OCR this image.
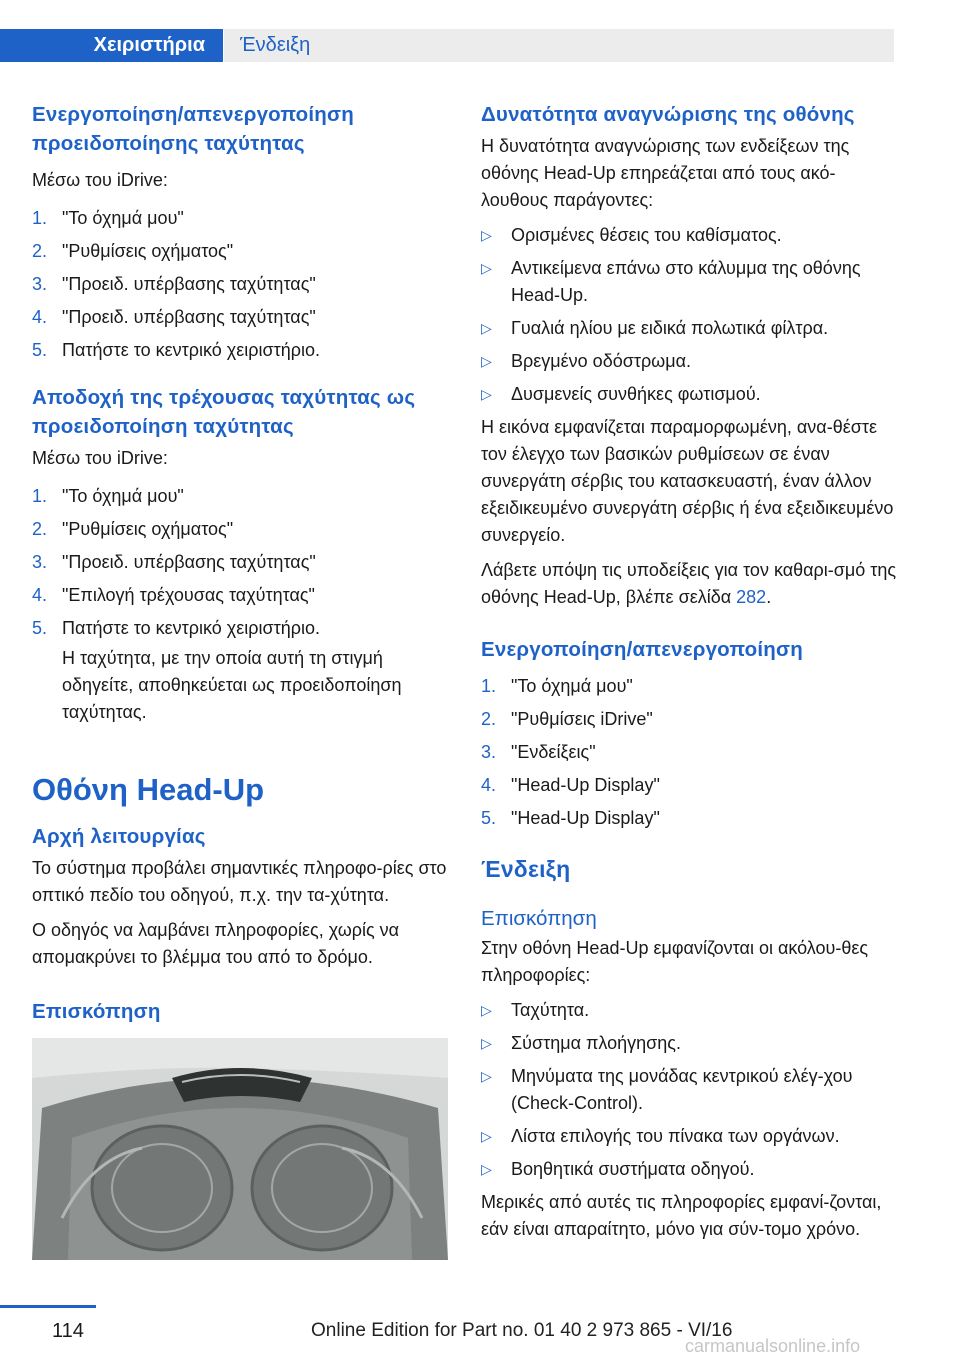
Χειριστήρια	Ένδειξη
Ενεργοποίηση/απενεργοποίηση προειδοποίησης ταχύτητας

Μέσω του iDrive:

1. "Το όχημά μου"
2. "Ρυθμίσεις οχήματος"
3. "Προειδ. υπέρβασης ταχύτητας"
4. "Προειδ. υπέρβασης ταχύτητας"
5. Πατήστε το κεντρικό χειριστήριο.
Αποδοχή της τρέχουσας ταχύτητας ως προειδοποίηση ταχύτητας

Μέσω του iDrive:

1. "Το όχημά μου"
2. "Ρυθμίσεις οχήματος"
3. "Προειδ. υπέρβασης ταχύτητας"
4. "Επιλογή τρέχουσας ταχύτητας"
5. Πατήστε το κεντρικό χειριστήριο.

Η ταχύτητα, με την οποία αυτή τη στιγμή οδηγείτε, αποθηκεύεται ως προειδοποίηση ταχύτητας.

Οθόνη Head-Up
Αρχή λειτουργίας

Το σύστημα προβάλει σημαντικές πληροφο-ρίες στο οπτικό πεδίο του οδηγού, π.χ. την τα-χύτητα.

Ο οδηγός να λαμβάνει πληροφορίες, χωρίς να απομακρύνει το βλέμμα του από το δρόμο.

Επισκόπηση
Δυνατότητα αναγνώρισης της οθόνης

Η δυνατότητα αναγνώρισης των ενδείξεων της οθόνης Head-Up επηρεάζεται από τους ακό-λουθους παράγοντες:

▷ Ορισμένες θέσεις του καθίσματος.
▷ Αντικείμενα επάνω στο κάλυμμα της οθόνης Head-Up.
▷ Γυαλιά ηλίου με ειδικά πολωτικά φίλτρα.
▷ Βρεγμένο οδόστρωμα.
▷ Δυσμενείς συνθήκες φωτισμού.

Η εικόνα εμφανίζεται παραμορφωμένη, ανα-θέστε τον έλεγχο των βασικών ρυθμίσεων σε έναν συνεργάτη σέρβις του κατασκευαστή, έναν άλλον εξειδικευμένο συνεργάτη σέρβις ή ένα εξειδικευμένο συνεργείο.

Λάβετε υπόψη τις υποδείξεις για τον καθαρι-σμό της οθόνης Head-Up, βλέπε σελίδα 282.

Ενεργοποίηση/απενεργοποίηση
1. "Το όχημά μου"
2. "Ρυθμίσεις iDrive"
3. "Ενδείξεις"
4. "Head-Up Display"
5. "Head-Up Display"
Ένδειξη
Επισκόπηση

Στην οθόνη Head-Up εμφανίζονται οι ακόλου-θες πληροφορίες:

▷ Ταχύτητα.
▷ Σύστημα πλοήγησης.
▷ Μηνύματα της μονάδας κεντρικού ελέγ-χου (Check-Control).
▷ Λίστα επιλογής του πίνακα των οργάνων.
▷ Βοηθητικά συστήματα οδηγού.

Μερικές από αυτές τις πληροφορίες εμφανί-ζονται, εάν είναι απαραίτητο, μόνο για σύν-τομο χρόνο.

114	Online Edition for Part no. 01 40 2 973 865 - VI/16
carmanualsonline.info
